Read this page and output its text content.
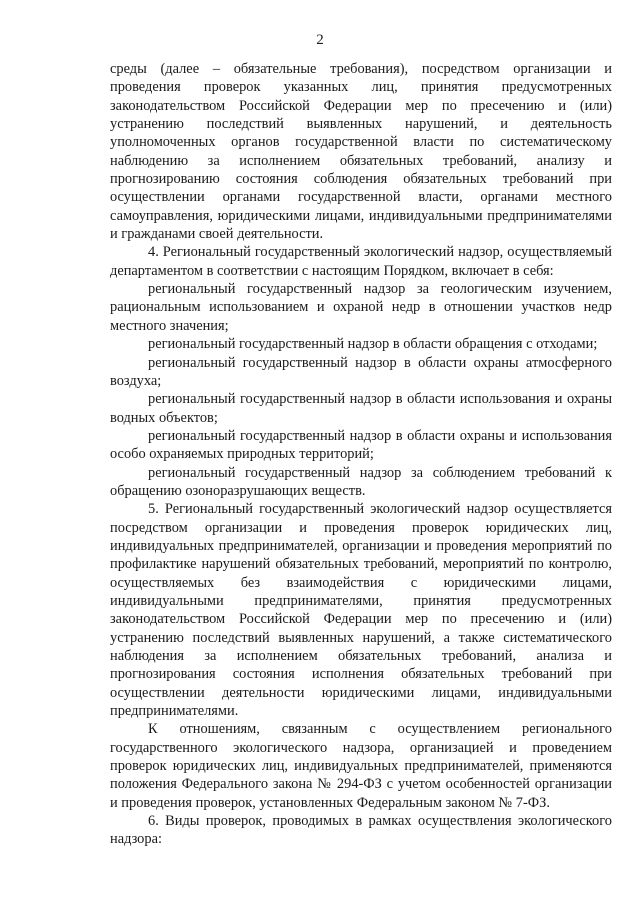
2

среды (далее – обязательные требования), посредством организации и проведения проверок указанных лиц, принятия предусмотренных законодательством Российской Федерации мер по пресечению и (или) устранению последствий выявленных нарушений, и деятельность уполномоченных органов государственной власти по систематическому наблюдению за исполнением обязательных требований, анализу и прогнозированию состояния соблюдения обязательных требований при осуществлении органами государственной власти, органами местного самоуправления, юридическими лицами, индивидуальными предпринимателями и гражданами своей деятельности.

4. Региональный государственный экологический надзор, осуществляемый департаментом в соответствии с настоящим Порядком, включает в себя:

региональный государственный надзор за геологическим изучением, рациональным использованием и охраной недр в отношении участков недр местного значения;

региональный государственный надзор в области обращения с отходами;

региональный государственный надзор в области охраны атмосферного воздуха;

региональный государственный надзор в области использования и охраны водных объектов;

региональный государственный надзор в области охраны и использования особо охраняемых природных территорий;

региональный государственный надзор за соблюдением требований к обращению озоноразрушающих веществ.

5. Региональный государственный экологический надзор осуществляется посредством организации и проведения проверок юридических лиц, индивидуальных предпринимателей, организации и проведения мероприятий по профилактике нарушений обязательных требований, мероприятий по контролю, осуществляемых без взаимодействия с юридическими лицами, индивидуальными предпринимателями, принятия предусмотренных законодательством Российской Федерации мер по пресечению и (или) устранению последствий выявленных нарушений, а также систематического наблюдения за исполнением обязательных требований, анализа и прогнозирования состояния исполнения обязательных требований при осуществлении деятельности юридическими лицами, индивидуальными предпринимателями.

К отношениям, связанным с осуществлением регионального государственного экологического надзора, организацией и проведением проверок юридических лиц, индивидуальных предпринимателей, применяются положения Федерального закона № 294-ФЗ с учетом особенностей организации и проведения проверок, установленных Федеральным законом № 7-ФЗ.

6. Виды проверок, проводимых в рамках осуществления экологического надзора:
